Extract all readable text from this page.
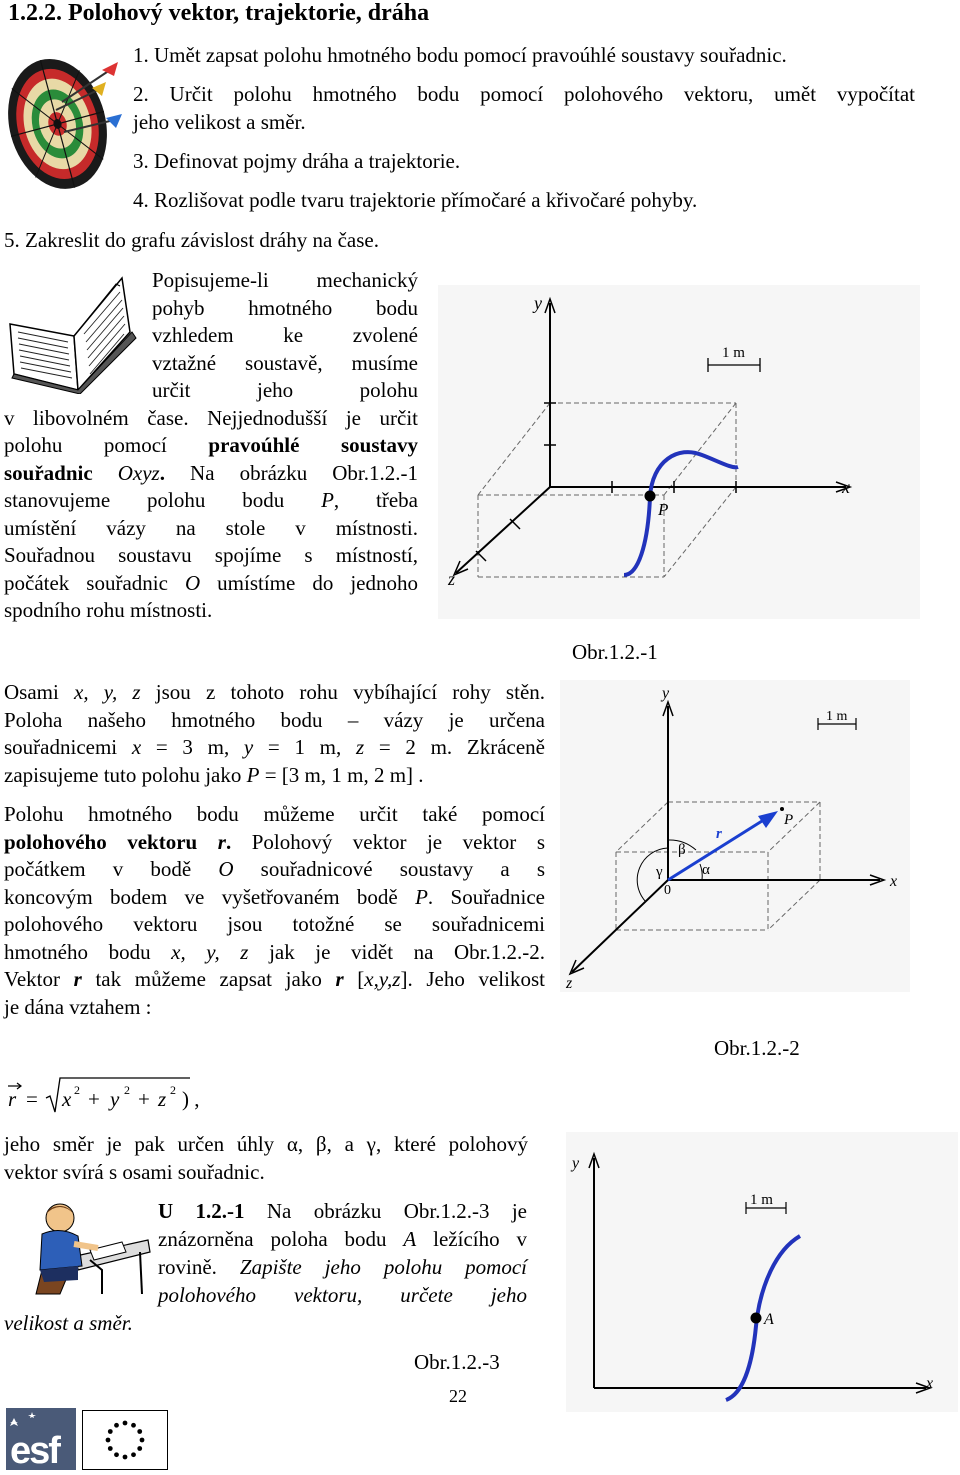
1.2.2. Polohový vektor, trajektorie, dráha
1. Umět zapsat polohu hmotného bodu pomocí pravoúhlé soustavy souřadnic.
2. Určit polohu hmotného bodu pomocí polohového vektoru, umět vypočítat
jeho velikost a směr.
3. Definovat pojmy dráha a trajektorie.
4. Rozlišovat podle tvaru trajektorie přímočaré a křivočaré pohyby.
5. Zakreslit do grafu závislost dráhy na čase.
Popisujeme-li mechanický
pohyb hmotného bodu
vzhledem ke zvolené
vztažné soustavě, musíme
určit jeho polohu
v libovolném čase. Nejjednodušší je určit
polohu pomocí pravoúhlé soustavy
souřadnic Oxyz. Na obrázku Obr.1.2.-1
stanovujeme polohu bodu P, třeba
umístění vázy na stole v místnosti.
Souřadnou soustavu spojíme s místností,
počátek souřadnic O umístíme do jednoho
spodního rohu místnosti.
1 m
P
y
x
z
Obr.1.2.-1
Osami x, y, z jsou z tohoto rohu vybíhající rohy stěn.
Poloha našeho hmotného bodu – vázy je určena
souřadnicemi x = 3 m, y = 1 m, z = 2 m. Zkráceně
zapisujeme tuto polohu jako P = [3 m, 1 m, 2 m] .
Polohu hmotného bodu můžeme určit také pomocí
polohového vektoru r. Polohový vektor je vektor s
počátkem v bodě O souřadnicové soustavy a s
koncovým bodem ve vyšetřovaném bodě P. Souřadnice
polohového vektoru jsou totožné se souřadnicemi
hmotného bodu x, y, z jak je vidět na Obr.1.2.-2.
Vektor r tak můžeme zapsat jako r [x,y,z]. Jeho velikost
je dána vztahem :
1 m
y
x
z
P
r
0
α
β
γ
Obr.1.2.-2
r = x 2 + y 2 + z 2 ) ,
jeho směr je pak určen úhly α, β, a γ, které polohový
vektor svírá s osami souřadnic.
U 1.2.-1 Na obrázku Obr.1.2.-3 je
znázorněna poloha bodu A ležícího v
rovině. Zapište jeho polohu pomocí
polohového vektoru, určete jeho
velikost a směr.
1 m
A
y
x
Obr.1.2.-3
22
esf
